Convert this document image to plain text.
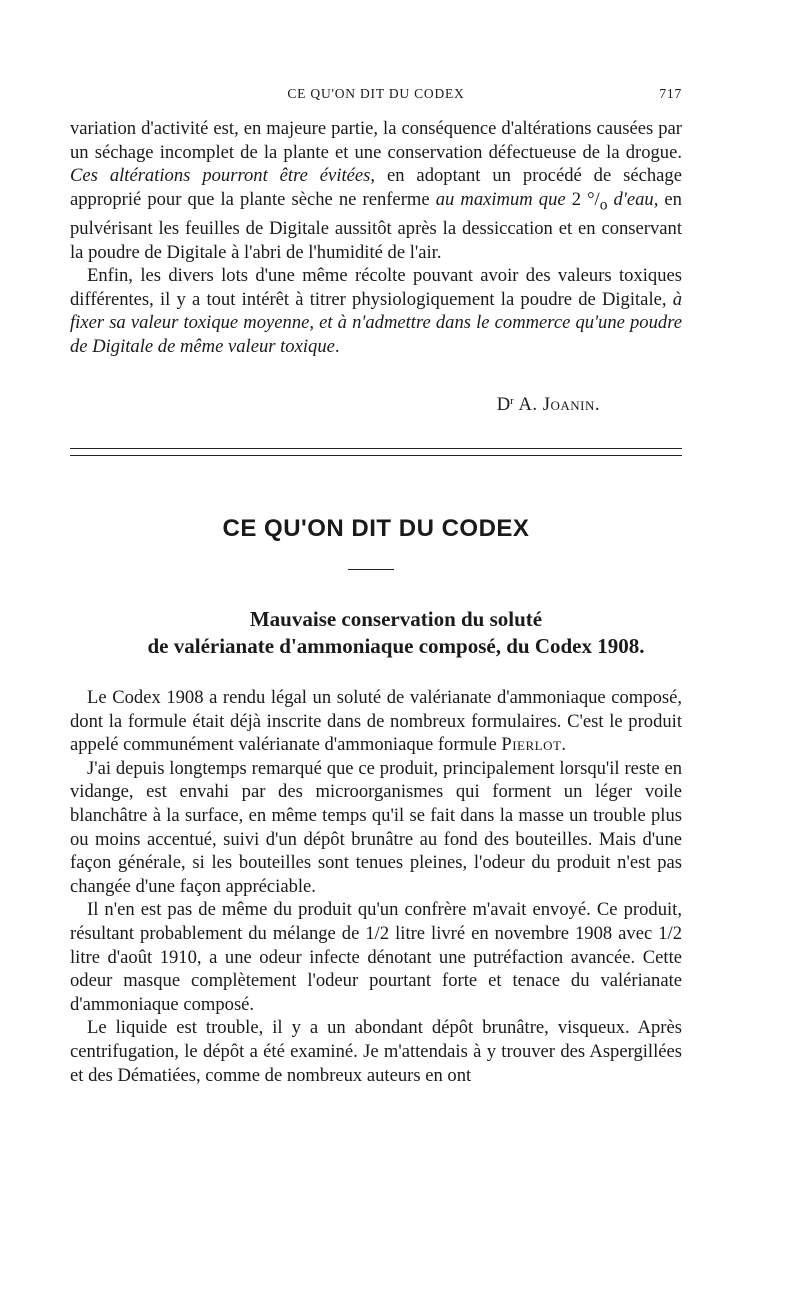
CE QU'ON DIT DU CODEX	717

variation d'activité est, en majeure partie, la conséquence d'altérations causées par un séchage incomplet de la plante et une conservation défectueuse de la drogue. Ces altérations pourront être évitées, en adoptant un procédé de séchage approprié pour que la plante sèche ne renferme au maximum que 2 $^\circ/_o$ d'eau, en pulvérisant les feuilles de Digitale aussitôt après la dessiccation et en conservant la poudre de Digitale à l'abri de l'humidité de l'air.

Enfin, les divers lots d'une même récolte pouvant avoir des valeurs toxiques différentes, il y a tout intérêt à titrer physiologiquement la poudre de Digitale, à fixer sa valeur toxique moyenne, et à n'admettre dans le commerce qu'une poudre de Digitale de même valeur toxique.

$D^r$ A. Joanin.
CE QU'ON DIT DU CODEX
Mauvaise conservation du soluté
de valérianate d'ammoniaque composé, du Codex 1908.

Le Codex 1908 a rendu légal un soluté de valérianate d'ammoniaque composé, dont la formule était déjà inscrite dans de nombreux formulaires. C'est le produit appelé communément valérianate d'ammoniaque formule Pierlot.

J'ai depuis longtemps remarqué que ce produit, principalement lorsqu'il reste en vidange, est envahi par des microorganismes qui forment un léger voile blanchâtre à la surface, en même temps qu'il se fait dans la masse un trouble plus ou moins accentué, suivi d'un dépôt brunâtre au fond des bouteilles. Mais d'une façon générale, si les bouteilles sont tenues pleines, l'odeur du produit n'est pas changée d'une façon appréciable.

Il n'en est pas de même du produit qu'un confrère m'avait envoyé. Ce produit, résultant probablement du mélange de 1/2 litre livré en novembre 1908 avec 1/2 litre d'août 1910, a une odeur infecte dénotant une putréfaction avancée. Cette odeur masque complètement l'odeur pourtant forte et tenace du valérianate d'ammoniaque composé.

Le liquide est trouble, il y a un abondant dépôt brunâtre, visqueux. Après centrifugation, le dépôt a été examiné. Je m'attendais à y trouver des Aspergillées et des Dématiées, comme de nombreux auteurs en ont
